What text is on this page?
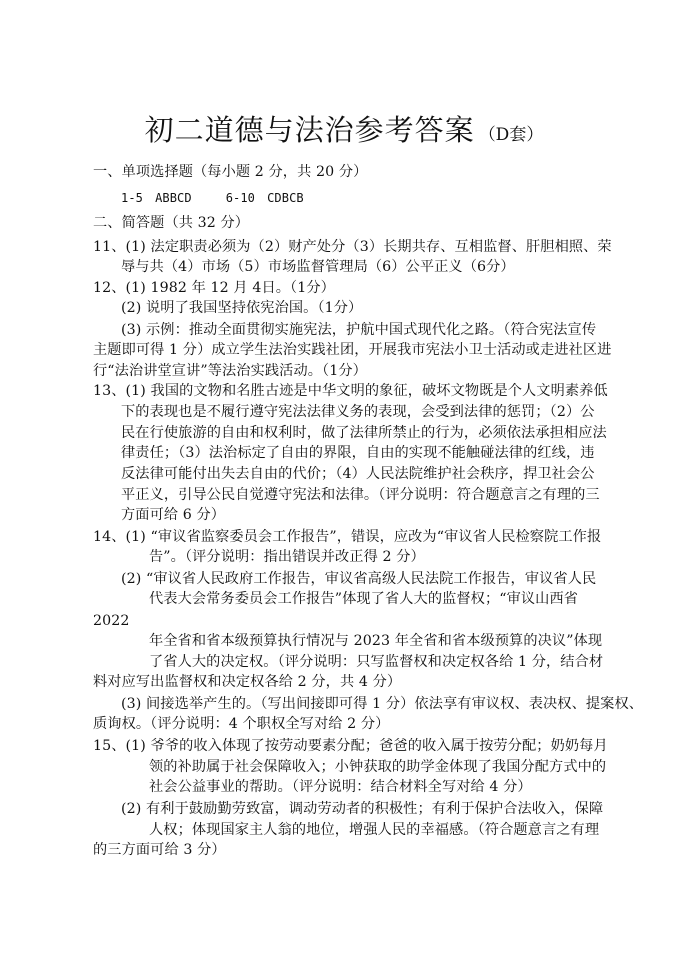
初二道德与法治参考答案 （D套）
一、单项选择题（每小题 2 分，共 20 分）
1-5　ABBCD	6-10　CDBCB
二、简答题（共 32 分）
11、(1) 法定职责必须为（2）财产处分（3）长期共存、互相监督、肝胆相照、荣
辱与共（4）市场（5）市场监督管理局（6）公平正义（6分）
12、(1) 1982 年 12 月 4日。（1分）
(2) 说明了我国坚持依宪治国。（1分）
(3) 示例：推动全面贯彻实施宪法，护航中国式现代化之路。（符合宪法宣传
主题即可得 1 分）成立学生法治实践社团，开展我市宪法小卫士活动或走进社区进
行“法治讲堂宣讲”等法治实践活动。（1分）
13、(1) 我国的文物和名胜古迹是中华文明的象征，破坏文物既是个人文明素养低
下的表现也是不履行遵守宪法法律义务的表现，会受到法律的惩罚；（2）公
民在行使旅游的自由和权利时，做了法律所禁止的行为，必须依法承担相应法
律责任；（3）法治标定了自由的界限，自由的实现不能触碰法律的红线，违
反法律可能付出失去自由的代价；（4）人民法院维护社会秩序，捍卫社会公
平正义，引导公民自觉遵守宪法和法律。（评分说明：符合题意言之有理的三
方面可给 6 分）
14、(1) “审议省监察委员会工作报告”，错误，应改为“审议省人民检察院工作报
告”。（评分说明：指出错误并改正得 2 分）
(2) “审议省人民政府工作报告，审议省高级人民法院工作报告，审议省人民
代表大会常务委员会工作报告”体现了省人大的监督权；“审议山西省
2022
年全省和省本级预算执行情况与 2023 年全省和省本级预算的决议”体现
了省人大的决定权。（评分说明：只写监督权和决定权各给 1 分，结合材
料对应写出监督权和决定权各给 2 分，共 4 分）
(3) 间接选举产生的。（写出间接即可得 1 分）依法享有审议权、表决权、提案权、
质询权。（评分说明：4 个职权全写对给 2 分）
15、(1) 爷爷的收入体现了按劳动要素分配；爸爸的收入属于按劳分配；奶奶每月
领的补助属于社会保障收入；小钟获取的助学金体现了我国分配方式中的
社会公益事业的帮助。（评分说明：结合材料全写对给 4 分）
(2) 有利于鼓励勤劳致富，调动劳动者的积极性；有利于保护合法收入，保障
人权；体现国家主人翁的地位，增强人民的幸福感。（符合题意言之有理
的三方面可给 3 分）
